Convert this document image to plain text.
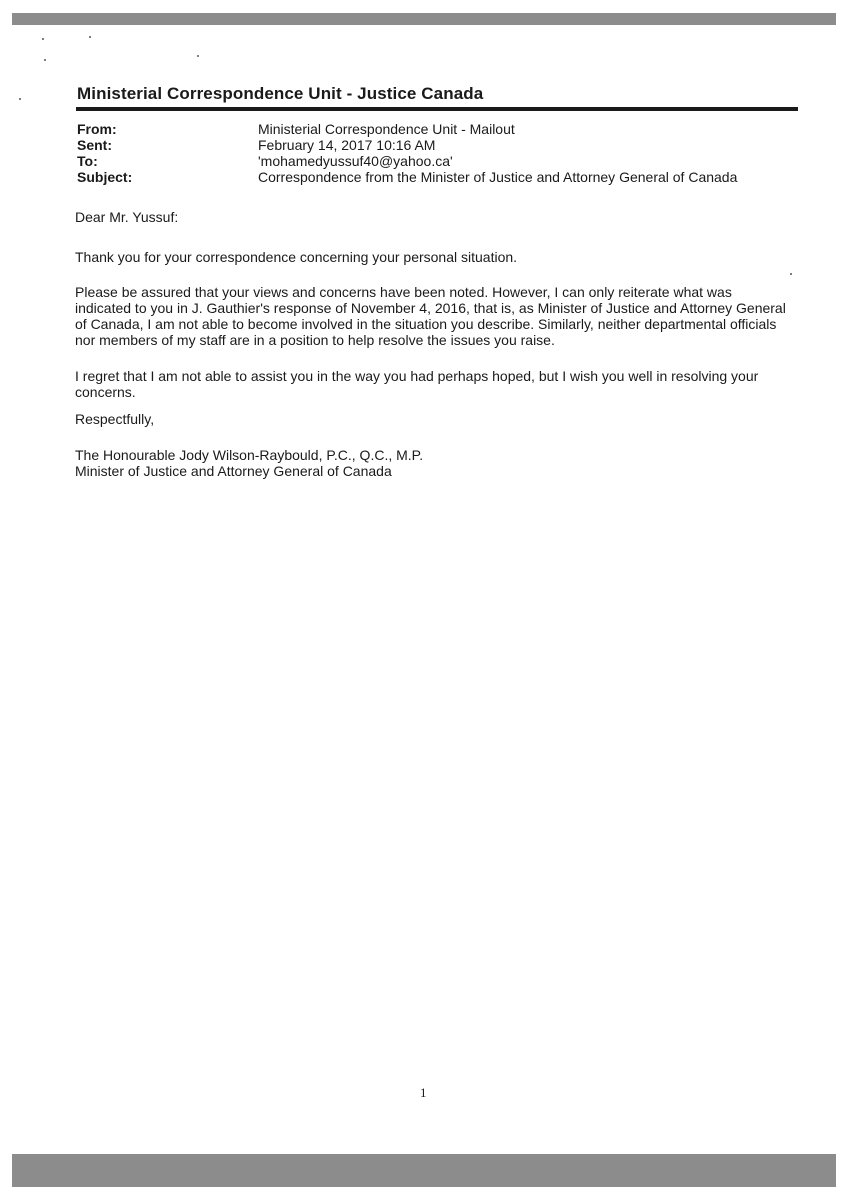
Ministerial Correspondence Unit - Justice Canada
From:	Ministerial Correspondence Unit - Mailout
Sent:	February 14, 2017 10:16 AM
To:	'mohamedyussuf40@yahoo.ca'
Subject:	Correspondence from the Minister of Justice and Attorney General of Canada
Dear Mr. Yussuf:
Thank you for your correspondence concerning your personal situation.
Please be assured that your views and concerns have been noted. However, I can only reiterate what was indicated to you in J. Gauthier's response of November 4, 2016, that is, as Minister of Justice and Attorney General of Canada, I am not able to become involved in the situation you describe. Similarly, neither departmental officials nor members of my staff are in a position to help resolve the issues you raise.
I regret that I am not able to assist you in the way you had perhaps hoped, but I wish you well in resolving your concerns.
Respectfully,
The Honourable Jody Wilson-Raybould, P.C., Q.C., M.P.
Minister of Justice and Attorney General of Canada
1
